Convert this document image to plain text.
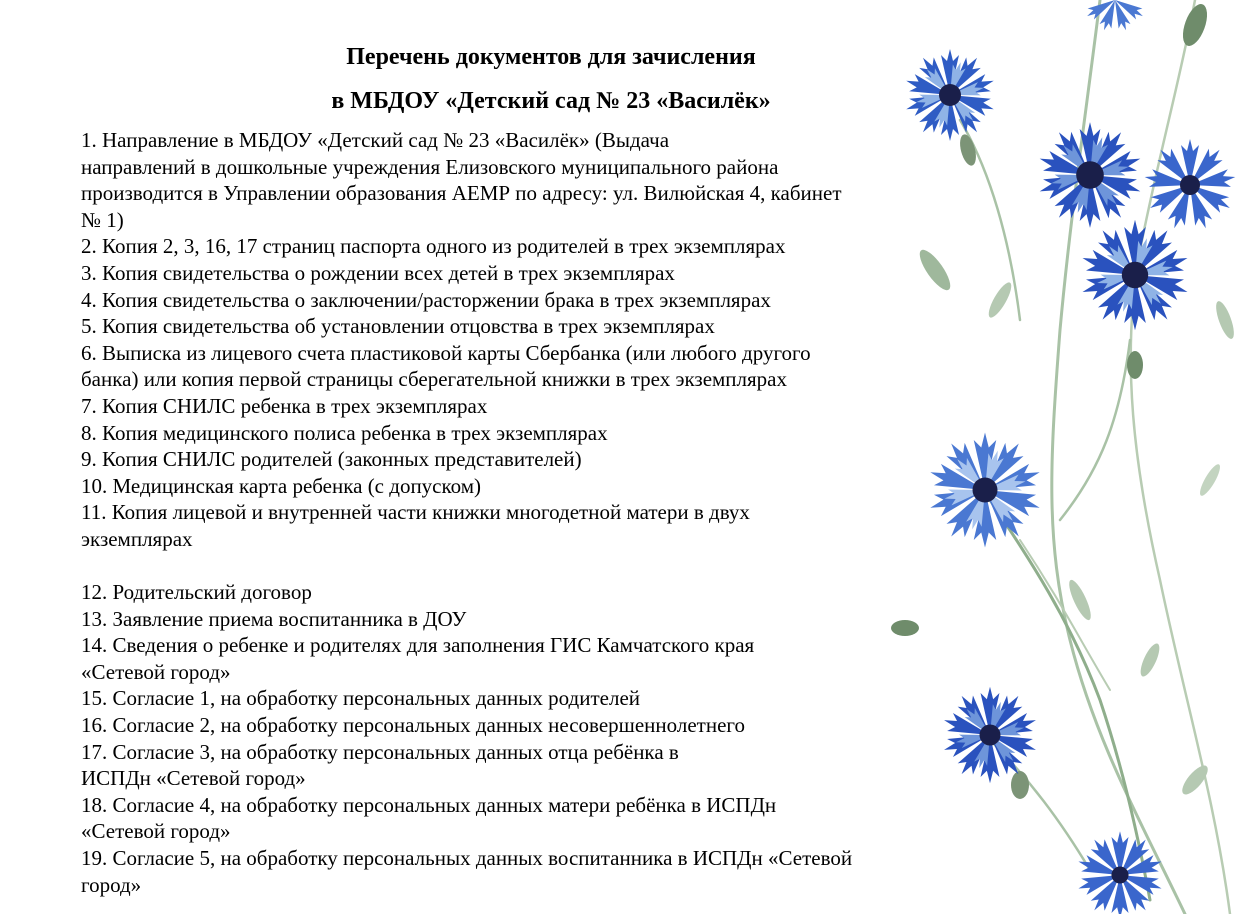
Перечень документов для зачисления
в МБДОУ «Детский сад № 23 «Василёк»
1. Направление в МБДОУ «Детский сад № 23 «Василёк» (Выдача
направлений в дошкольные учреждения Елизовского муниципального района
производится в Управлении образования АЕМР по адресу: ул. Вилюйская 4, кабинет
№ 1)
2. Копия 2, 3, 16, 17 страниц паспорта одного из родителей в трех экземплярах
3. Копия свидетельства о рождении всех детей в трех экземплярах
4. Копия свидетельства о заключении/расторжении брака в трех экземплярах
5. Копия свидетельства об установлении отцовства в трех экземплярах
6. Выписка из лицевого счета пластиковой карты Сбербанка (или любого другого
банка) или копия первой страницы сберегательной книжки в трех экземплярах
7. Копия СНИЛС ребенка в трех экземплярах
8. Копия медицинского полиса ребенка в трех экземплярах
9. Копия СНИЛС родителей (законных представителей)
10. Медицинская карта ребенка (с допуском)
11. Копия лицевой и внутренней части книжки многодетной матери в двух
экземплярах
12. Родительский договор
13. Заявление приема воспитанника в ДОУ
14. Сведения о ребенке и родителях для заполнения ГИС Камчатского края
«Сетевой город»
15. Согласие 1, на обработку персональных данных родителей
16. Согласие 2, на обработку персональных данных несовершеннолетнего
17. Согласие 3, на обработку персональных данных отца ребёнка в
ИСПДн «Сетевой город»
18. Согласие 4, на обработку персональных данных матери ребёнка в ИСПДн
«Сетевой город»
19. Согласие 5, на обработку персональных данных воспитанника в ИСПДн «Сетевой
город»
